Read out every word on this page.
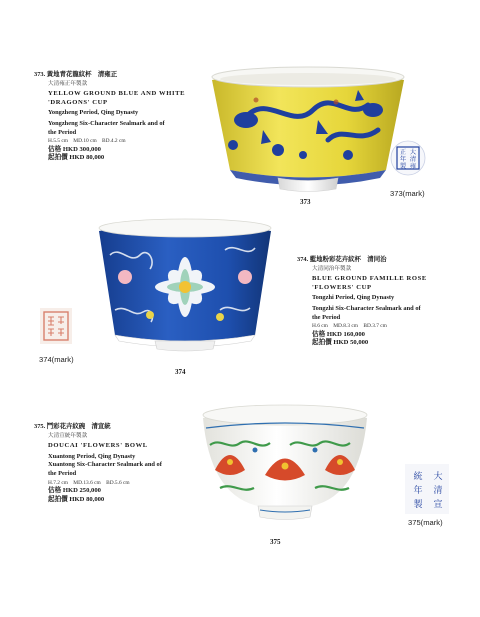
373. 黃地青花龍紋杯　清雍正
大清雍正年製款
YELLOW GROUND BLUE AND WHITE
'DRAGONS' CUP
Yongzheng Period, Qing Dynasty
Yongzheng Six-Character Sealmark and of
the Period
H.5.5 cm　MD.10 cm　BD.4.2 cm
估格 HKD 300,000
起拍價 HKD 80,000
大
清
雍
正
年
製
373(mark)
373
374(mark)
374
374. 藍地粉彩花卉紋杯　清同治
大清同治年製款
BLUE GROUND FAMILLE ROSE
'FLOWERS' CUP
Tongzhi Period, Qing Dynasty
Tongzhi Six-Character Sealmark and of
the Period
H.6 cm　MD.8.3 cm　BD.3.7 cm
估格 HKD 160,000
起拍價 HKD 50,000
375. 鬥彩花卉紋碗　清宣統
大清宣統年製款
DOUCAI 'FLOWERS' BOWL
Xuantong Period, Qing Dynasty
Xuantong Six-Character Sealmark and of
the Period
H.7.2 cm　MD.13.6 cm　BD.5.6 cm
估格 HKD 250,000
起拍價 HKD 80,000
大
清
宣
統
年
製
375(mark)
375
